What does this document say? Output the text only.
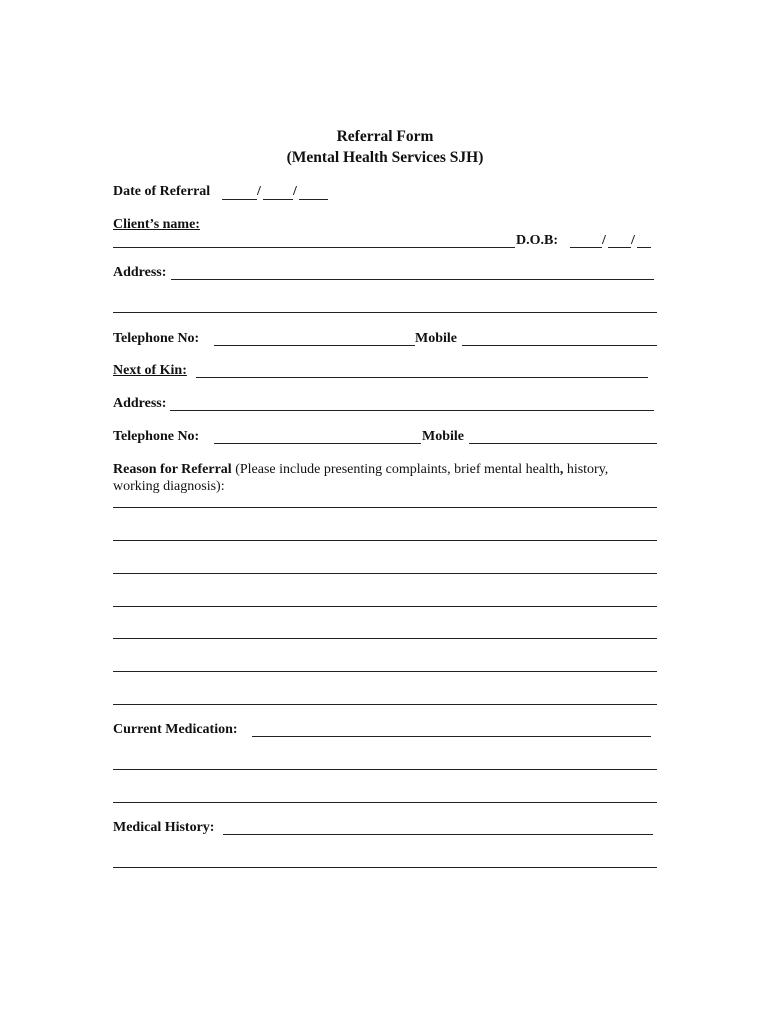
Referral Form
(Mental Health Services SJH)
Date of Referral	/ /
Client’s name:
D.O.B:	/ /
Address:
Telephone No:	Mobile
Next of Kin:
Address:
Telephone No:	Mobile
Reason for Referral (Please include presenting complaints, brief mental health, history, working diagnosis):
Current Medication:
Medical History:
